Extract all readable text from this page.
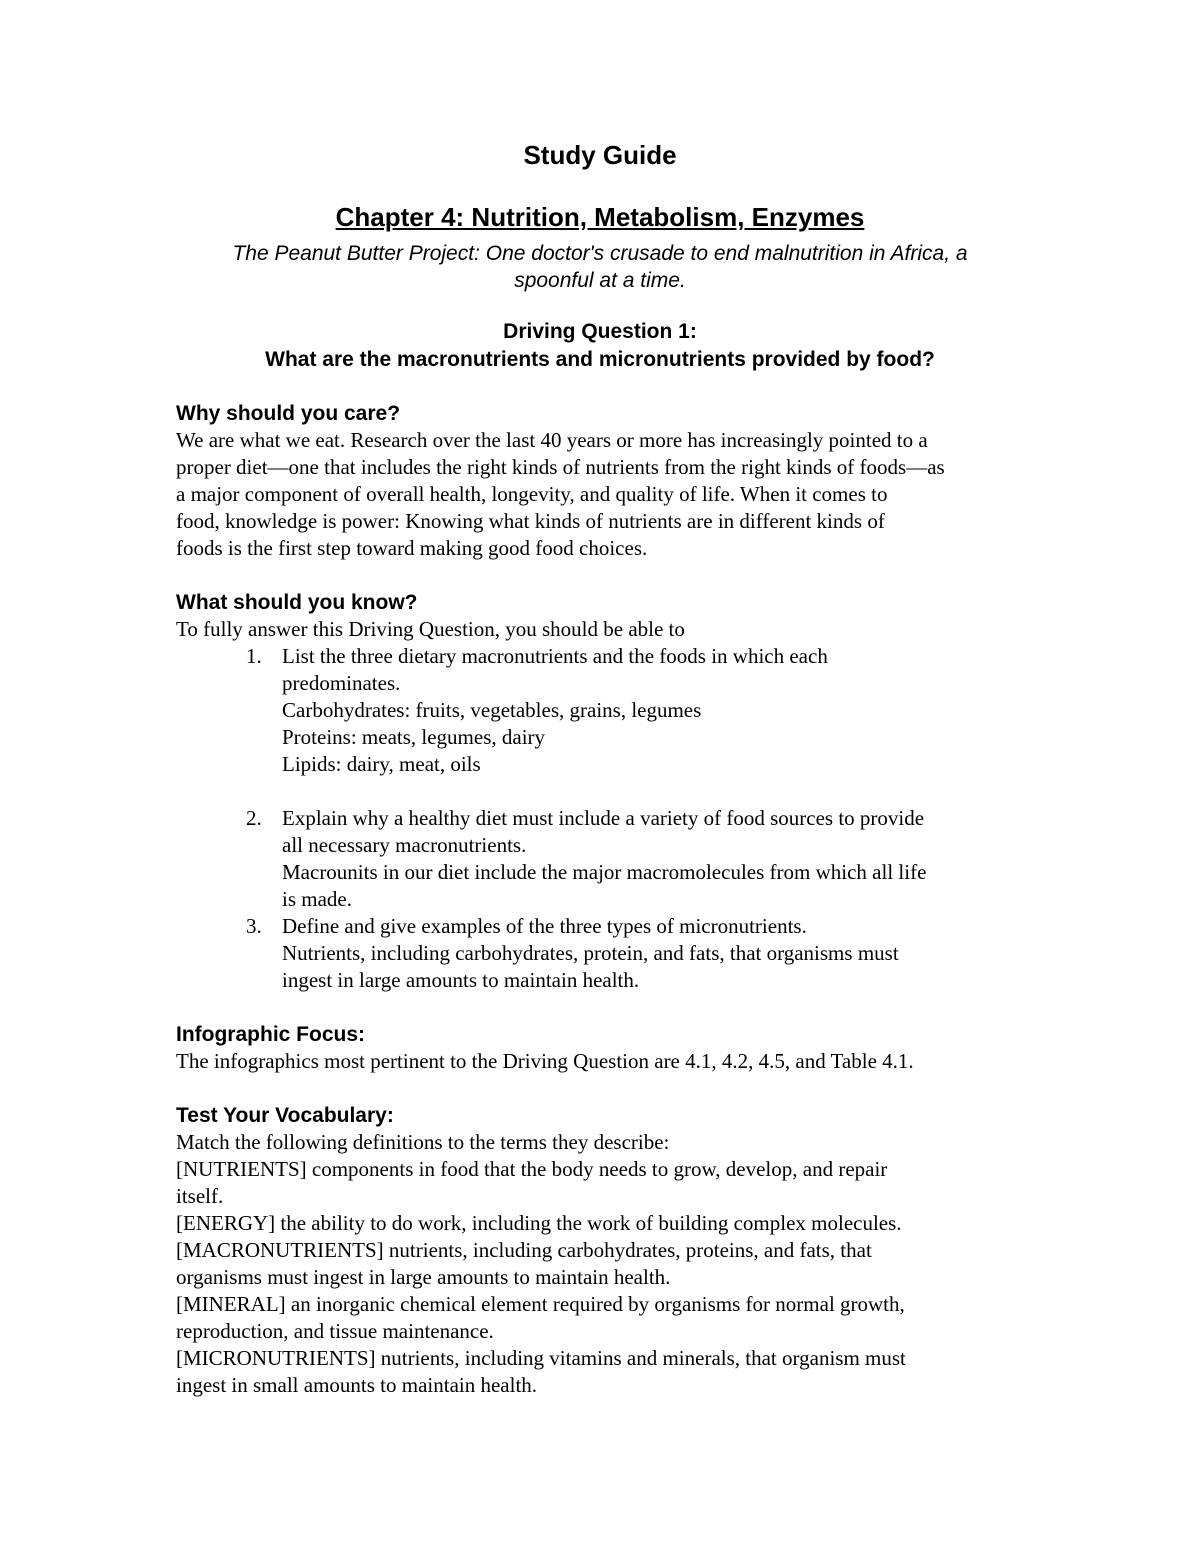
Study Guide
Chapter 4: Nutrition, Metabolism, Enzymes
The Peanut Butter Project: One doctor's crusade to end malnutrition in Africa, a
spoonful at a time.
Driving Question 1:
What are the macronutrients and micronutrients provided by food?

Why should you care?

We are what we eat. Research over the last 40 years or more has increasingly pointed to a

proper diet—one that includes the right kinds of nutrients from the right kinds of foods—as

a major component of overall health, longevity, and quality of life. When it comes to

food, knowledge is power: Knowing what kinds of nutrients are in different kinds of

foods is the first step toward making good food choices.

What should you know?

To fully answer this Driving Question, you should be able to

1. List the three dietary macronutrients and the foods in which each
predominates.
Carbohydrates: fruits, vegetables, grains, legumes
Proteins: meats, legumes, dairy
Lipids: dairy, meat, oils
2. Explain why a healthy diet must include a variety of food sources to provide
all necessary macronutrients.
Macrounits in our diet include the major macromolecules from which all life
is made.
3. Define and give examples of the three types of micronutrients.
Nutrients, including carbohydrates, protein, and fats, that organisms must
ingest in large amounts to maintain health.

Infographic Focus:

The infographics most pertinent to the Driving Question are 4.1, 4.2, 4.5, and Table 4.1.

Test Your Vocabulary:

Match the following definitions to the terms they describe:

[NUTRIENTS] components in food that the body needs to grow, develop, and repair

itself.

[ENERGY] the ability to do work, including the work of building complex molecules.

[MACRONUTRIENTS] nutrients, including carbohydrates, proteins, and fats, that

organisms must ingest in large amounts to maintain health.

[MINERAL] an inorganic chemical element required by organisms for normal growth,

reproduction, and tissue maintenance.

[MICRONUTRIENTS] nutrients, including vitamins and minerals, that organism must

ingest in small amounts to maintain health.
